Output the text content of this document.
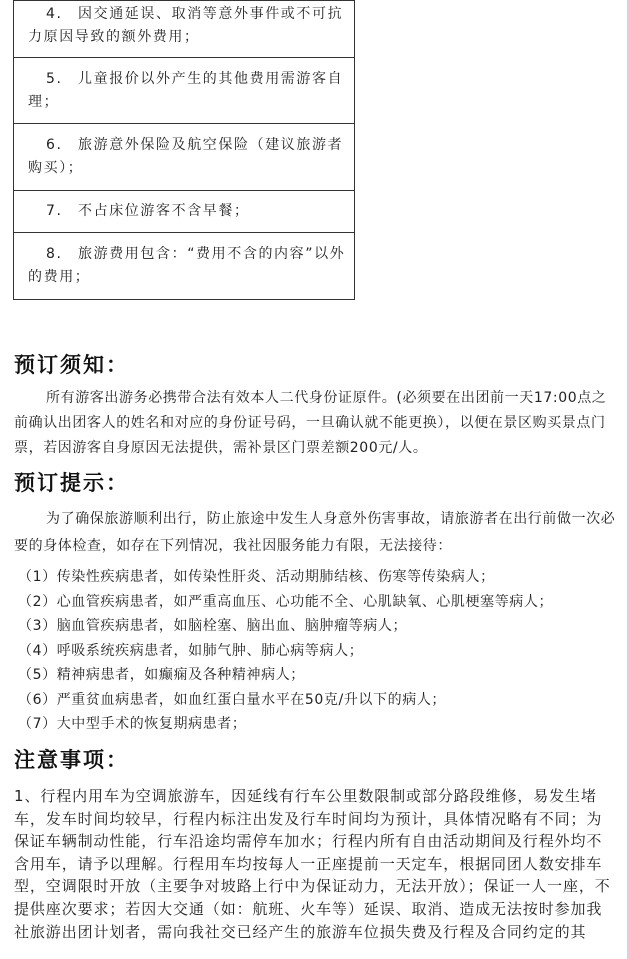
4. 因交通延误、取消等意外事件或不可抗力原因导致的额外费用；
5. 儿童报价以外产生的其他费用需游客自理；
6. 旅游意外保险及航空保险（建议旅游者购买）；
7. 不占床位游客不含早餐；
8. 旅游费用包含：“费用不含的内容”以外的费用；
预订须知：
所有游客出游务必携带合法有效本人二代身份证原件。(必须要在出团前一天17:00点之前确认出团客人的姓名和对应的身份证号码，一旦确认就不能更换），以便在景区购买景点门票，若因游客自身原因无法提供，需补景区门票差额200元/人。
预订提示：
为了确保旅游顺利出行，防止旅途中发生人身意外伤害事故，请旅游者在出行前做一次必要的身体检查，如存在下列情况，我社因服务能力有限，无法接待：
（1）传染性疾病患者，如传染性肝炎、活动期肺结核、伤寒等传染病人；
（2）心血管疾病患者，如严重高血压、心功能不全、心肌缺氧、心肌梗塞等病人；
（3）脑血管疾病患者，如脑栓塞、脑出血、脑肿瘤等病人；
（4）呼吸系统疾病患者，如肺气肿、肺心病等病人；
（5）精神病患者，如癫痫及各种精神病人；
（6）严重贫血病患者，如血红蛋白量水平在50克/升以下的病人；
（7）大中型手术的恢复期病患者；
注意事项：
1、行程内用车为空调旅游车，因延线有行车公里数限制或部分路段维修，易发生堵车，发车时间均较早，行程内标注出发及行车时间均为预计，具体情况略有不同；为保证车辆制动性能，行车沿途均需停车加水；行程内所有自由活动期间及行程外均不含用车，请予以理解。行程用车均按每人一正座提前一天定车，根据同团人数安排车型，空调限时开放（主要争对坡路上行中为保证动力，无法开放）；保证一人一座，不提供座次要求；若因大交通（如：航班、火车等）延误、取消、造成无法按时参加我社旅游出团计划者，需向我社交已经产生的旅游车位损失费及行程及合同约定的其
